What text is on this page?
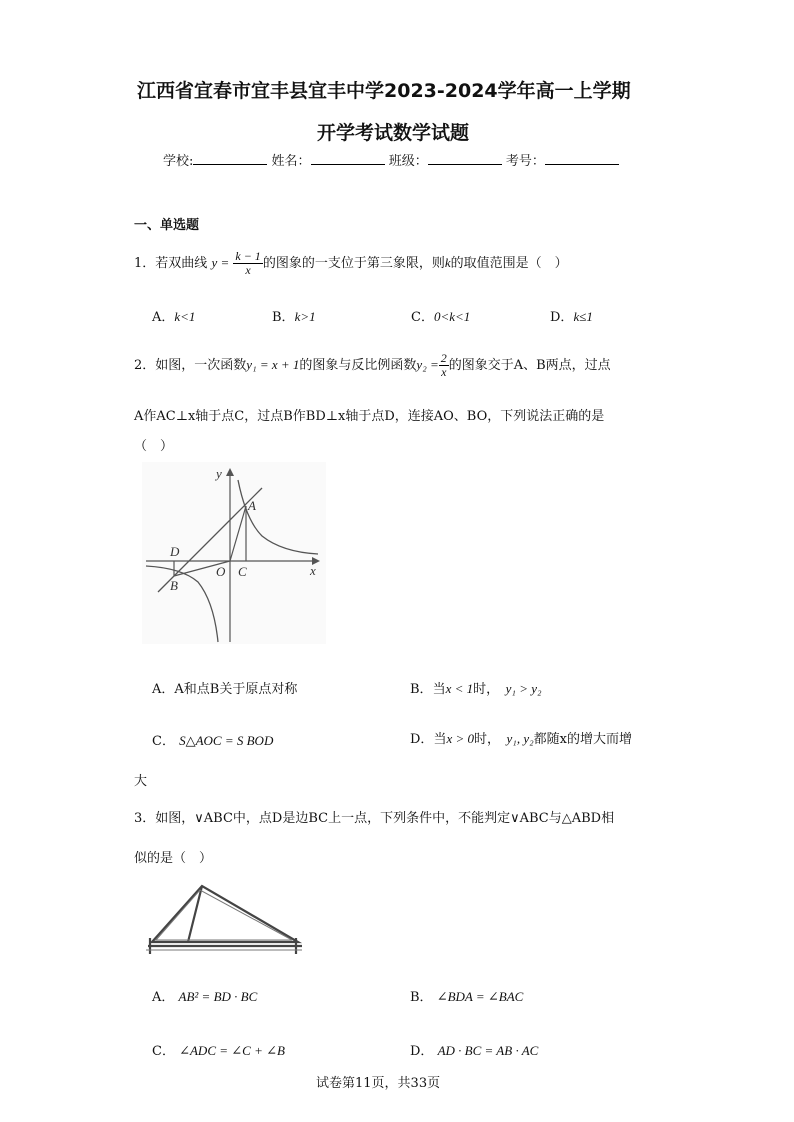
江西省宜春市宜丰县宜丰中学2023-2024学年高一上学期
开学考试数学试题
学校:	姓名：	班级：	考号：
一、单选题
1．若双曲线 $y = \frac{k - 1}{x}$ 的图象的一支位于第三象限，则k的取值范围是（　）
A．k<1	B．k>1	C．0<k<1	D．k≤1
2．如图，一次函数y₁ = x + 1的图象与反比例函数$y_2 = \frac{2}{x}$ 的图象交于A、B两点，过点
A作AC⊥x轴于点C，过点B作BD⊥x轴于点D，连接AO、BO，下列说法正确的是
（　）
y
x
A
B
C
D
O
A．A和点B关于原点对称	B．当x < 1时，　 y₁ > y₂
C． S△AOC = S BOD	D．当x > 0时，　 y₁, y₂都随x的增大而增
大
3．如图，∨ABC中，点D是边BC上一点，下列条件中，不能判定∨ABC与△ABD相
似的是（　）
A． AB² = BD · BC	B． ∠BDA = ∠BAC
C． ∠ADC = ∠C + ∠B	D． AD · BC = AB · AC
试卷第11页，共33页
